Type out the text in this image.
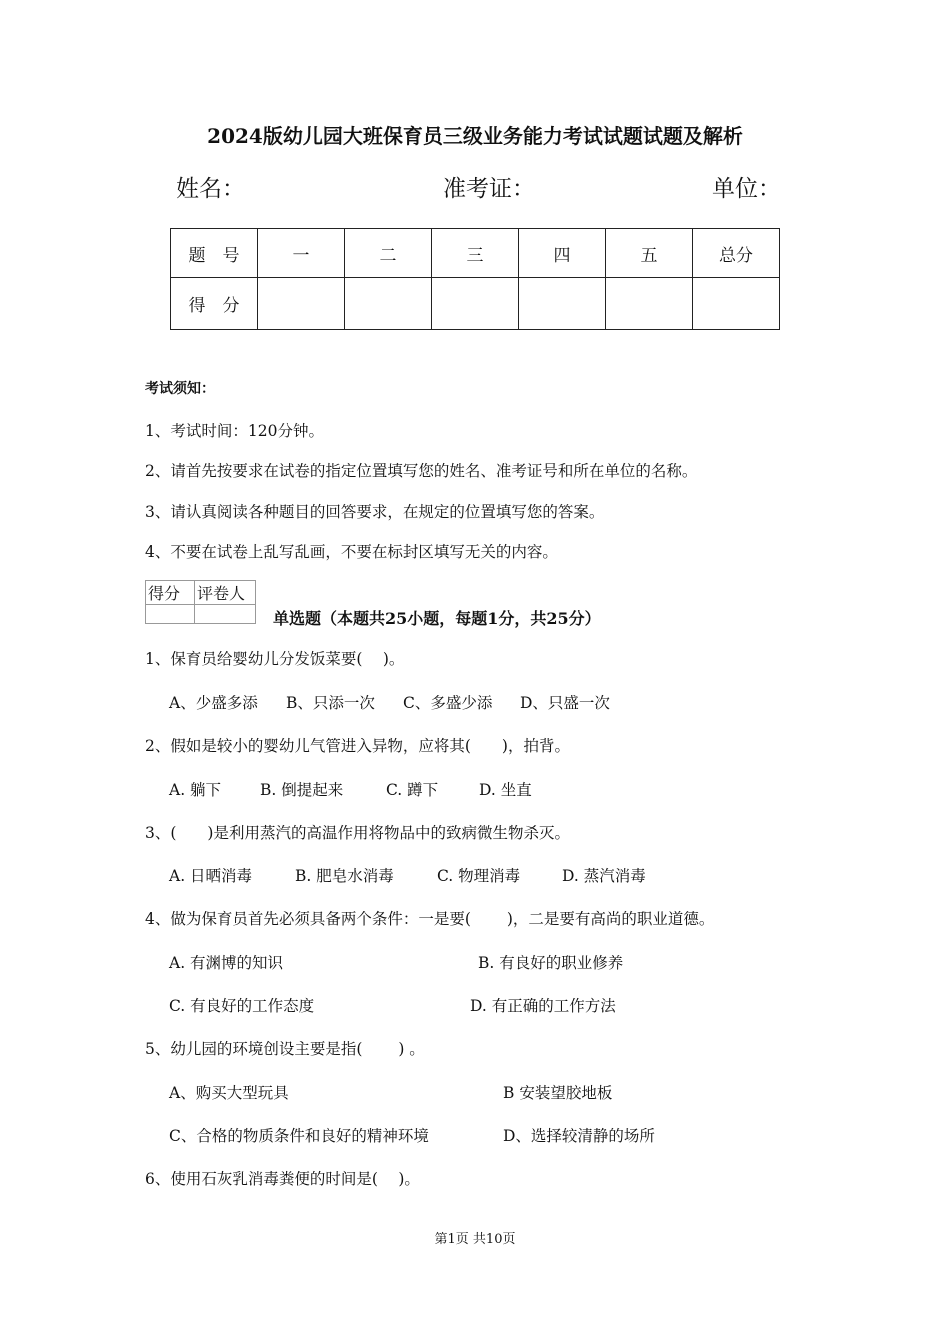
2024版幼儿园大班保育员三级业务能力考试试题试题及解析
姓名：	准考证：	单位：
题　号	一	二	三	四	五	总分
得　分						
考试须知：
1、考试时间：120分钟。
2、请首先按要求在试卷的指定位置填写您的姓名、准考证号和所在单位的名称。
3、请认真阅读各种题目的回答要求，在规定的位置填写您的答案。
4、不要在试卷上乱写乱画，不要在标封区填写无关的内容。
得分	评卷人

单选题（本题共25小题，每题1分，共25分）
1、保育员给婴幼儿分发饭菜要(　 )。
A、少盛多添 B、只添一次 C、多盛少添 D、只盛一次
2、假如是较小的婴幼儿气管进入异物，应将其(　　)，拍背。
A. 躺下	B. 倒提起来	C. 蹲下	D. 坐直
3、(　　)是利用蒸汽的高温作用将物品中的致病微生物杀灭。
A. 日晒消毒	B. 肥皂水消毒	C. 物理消毒	D. 蒸汽消毒
4、做为保育员首先必须具备两个条件：一是要(　　 )，二是要有高尚的职业道德。
A. 有渊博的知识	B. 有良好的职业修养
C. 有良好的工作态度	D. 有正确的工作方法
5、幼儿园的环境创设主要是指(　　 ) 。
A、购买大型玩具	B 安装望胶地板
C、合格的物质条件和良好的精神环境	D、选择较清静的场所
6、使用石灰乳消毒粪便的时间是(　 )。
第1页 共10页
